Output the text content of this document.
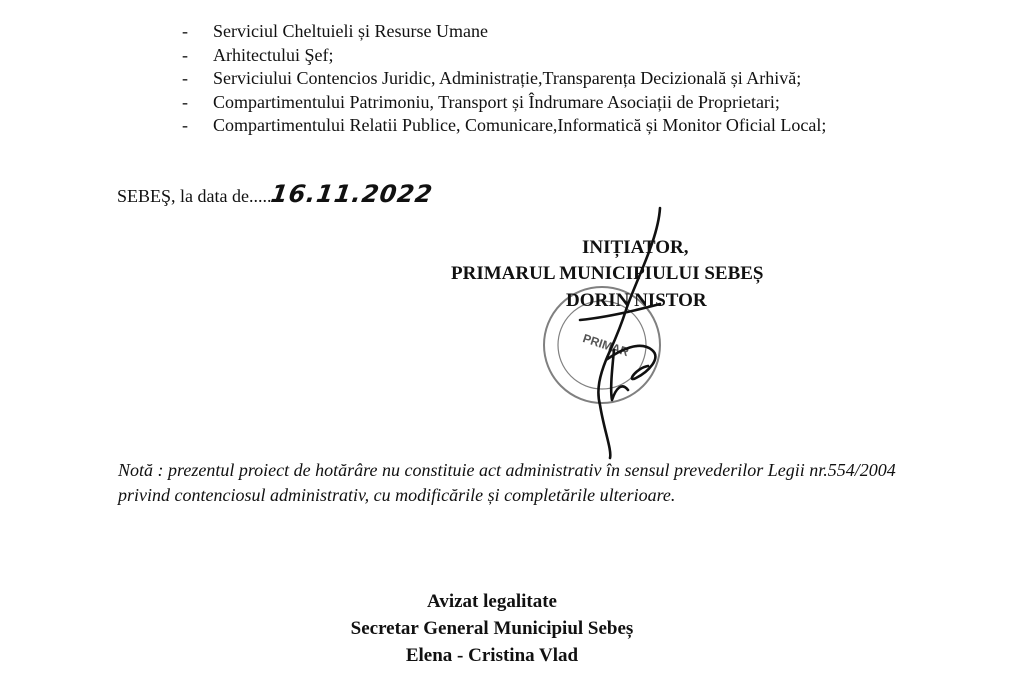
-	Serviciul Cheltuieli și Resurse Umane
-	Arhitectului Şef;
-	Serviciului Contencios Juridic, Administrație,Transparența Decizională și Arhivă;
-	Compartimentului Patrimoniu, Transport și Îndrumare Asociații de Proprietari;
-	Compartimentului Relatii Publice, Comunicare,Informatică și Monitor Oficial Local;
SEBEŞ, la data de.....16.11.2022
PRIMAR
INIȚIATOR,
PRIMARUL MUNICIPIULUI SEBEȘ
DORIN NISTOR
Notă : prezentul proiect de hotărâre nu constituie act administrativ în sensul prevederilor Legii nr.554/2004 privind contenciosul administrativ, cu modificările și completările ulterioare.
Avizat legalitate
Secretar General Municipiul Sebeș
Elena - Cristina Vlad
